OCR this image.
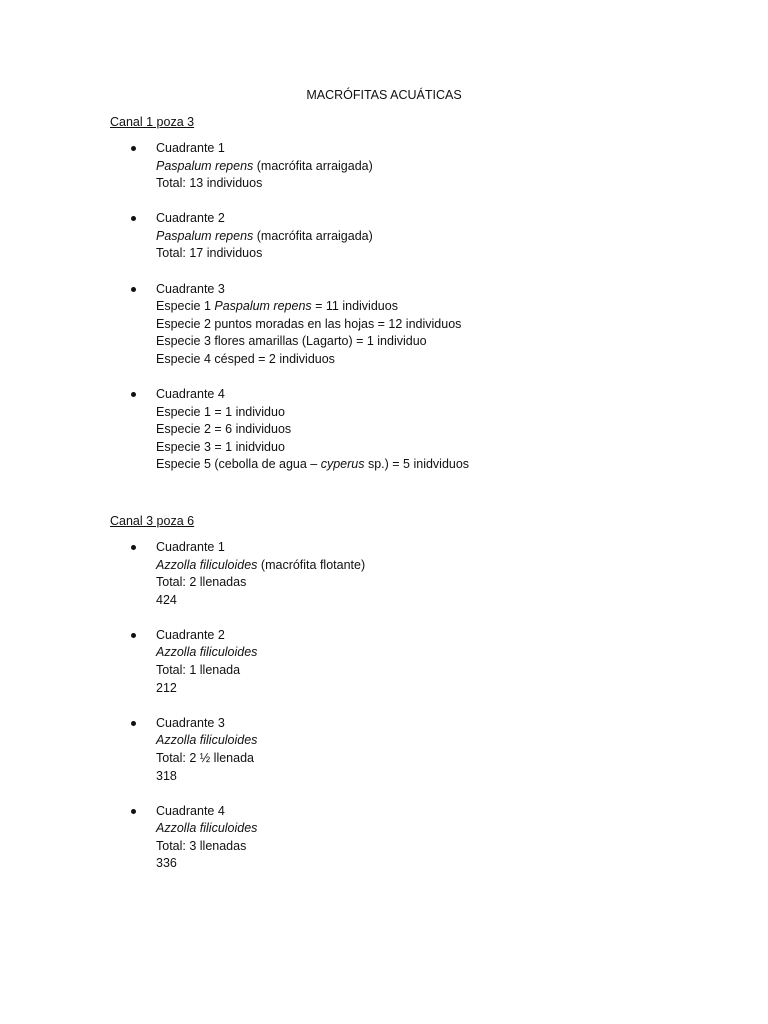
MACRÓFITAS ACUÁTICAS
Canal 1 poza 3
Cuadrante 1
Paspalum repens (macrófita arraigada)
Total: 13 individuos
Cuadrante 2
Paspalum repens (macrófita arraigada)
Total: 17 individuos
Cuadrante 3
Especie 1 Paspalum repens = 11 individuos
Especie 2 puntos moradas en las hojas = 12 individuos
Especie 3 flores amarillas (Lagarto) = 1 individuo
Especie 4 césped = 2 individuos
Cuadrante 4
Especie 1 = 1 individuo
Especie 2 = 6 individuos
Especie 3 = 1 inidviduo
Especie 5 (cebolla de agua – cyperus sp.) = 5 inidviduos
Canal 3 poza 6
Cuadrante 1
Azzolla filiculoides (macrófita flotante)
Total: 2 llenadas
424
Cuadrante 2
Azzolla filiculoides
Total: 1 llenada
212
Cuadrante 3
Azzolla filiculoides
Total: 2 ½ llenada
318
Cuadrante 4
Azzolla filiculoides
Total: 3 llenadas
336
